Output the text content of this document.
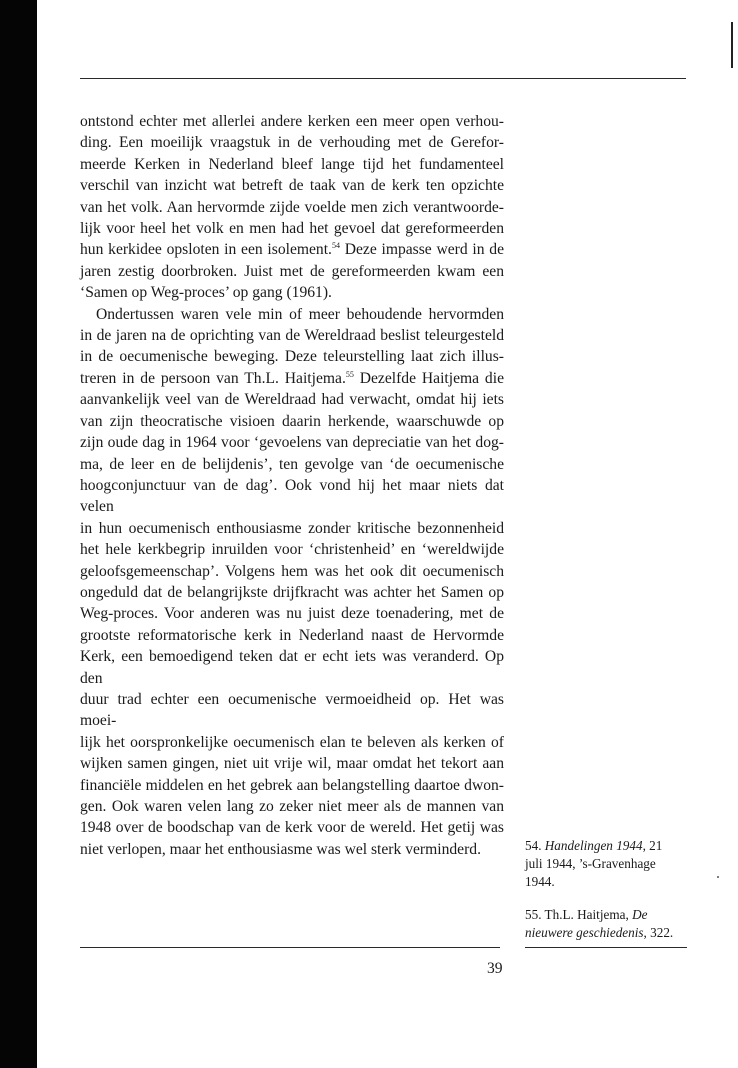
ontstond echter met allerlei andere kerken een meer open verhou-
ding. Een moeilijk vraagstuk in de verhouding met de Gerefor-
meerde Kerken in Nederland bleef lange tijd het fundamenteel
verschil van inzicht wat betreft de taak van de kerk ten opzichte
van het volk. Aan hervormde zijde voelde men zich verantwoorde-
lijk voor heel het volk en men had het gevoel dat gereformeerden
hun kerkidee opsloten in een isolement.$^{54}$ Deze impasse werd in de
jaren zestig doorbroken. Juist met de gereformeerden kwam een
‘Samen op Weg-proces’ op gang (1961).

Ondertussen waren vele min of meer behoudende hervormden
in de jaren na de oprichting van de Wereldraad beslist teleurgesteld
in de oecumenische beweging. Deze teleurstelling laat zich illus-
treren in de persoon van Th.L. Haitjema.$^{55}$ Dezelfde Haitjema die
aanvankelijk veel van de Wereldraad had verwacht, omdat hij iets
van zijn theocratische visioen daarin herkende, waarschuwde op
zijn oude dag in 1964 voor ‘gevoelens van depreciatie van het dog-
ma, de leer en de belijdenis’, ten gevolge van ‘de oecumenische
hoogconjunctuur van de dag’. Ook vond hij het maar niets dat velen
in hun oecumenisch enthousiasme zonder kritische bezonnenheid
het hele kerkbegrip inruilden voor ‘christenheid’ en ‘wereldwijde
geloofsgemeenschap’. Volgens hem was het ook dit oecumenisch
ongeduld dat de belangrijkste drijfkracht was achter het Samen op
Weg-proces. Voor anderen was nu juist deze toenadering, met de
grootste reformatorische kerk in Nederland naast de Hervormde
Kerk, een bemoedigend teken dat er echt iets was veranderd. Op den
duur trad echter een oecumenische vermoeidheid op. Het was moei-
lijk het oorspronkelijke oecumenisch elan te beleven als kerken of
wijken samen gingen, niet uit vrije wil, maar omdat het tekort aan
financiële middelen en het gebrek aan belangstelling daartoe dwon-
gen. Ook waren velen lang zo zeker niet meer als de mannen van
1948 over de boodschap van de kerk voor de wereld. Het getij was
niet verlopen, maar het enthousiasme was wel sterk verminderd.	54. Handelingen 1944, 21
juli 1944, ’s-Gravenhage
1944.

55. Th.L. Haitjema, De
nieuwere geschiedenis, 322.

39
